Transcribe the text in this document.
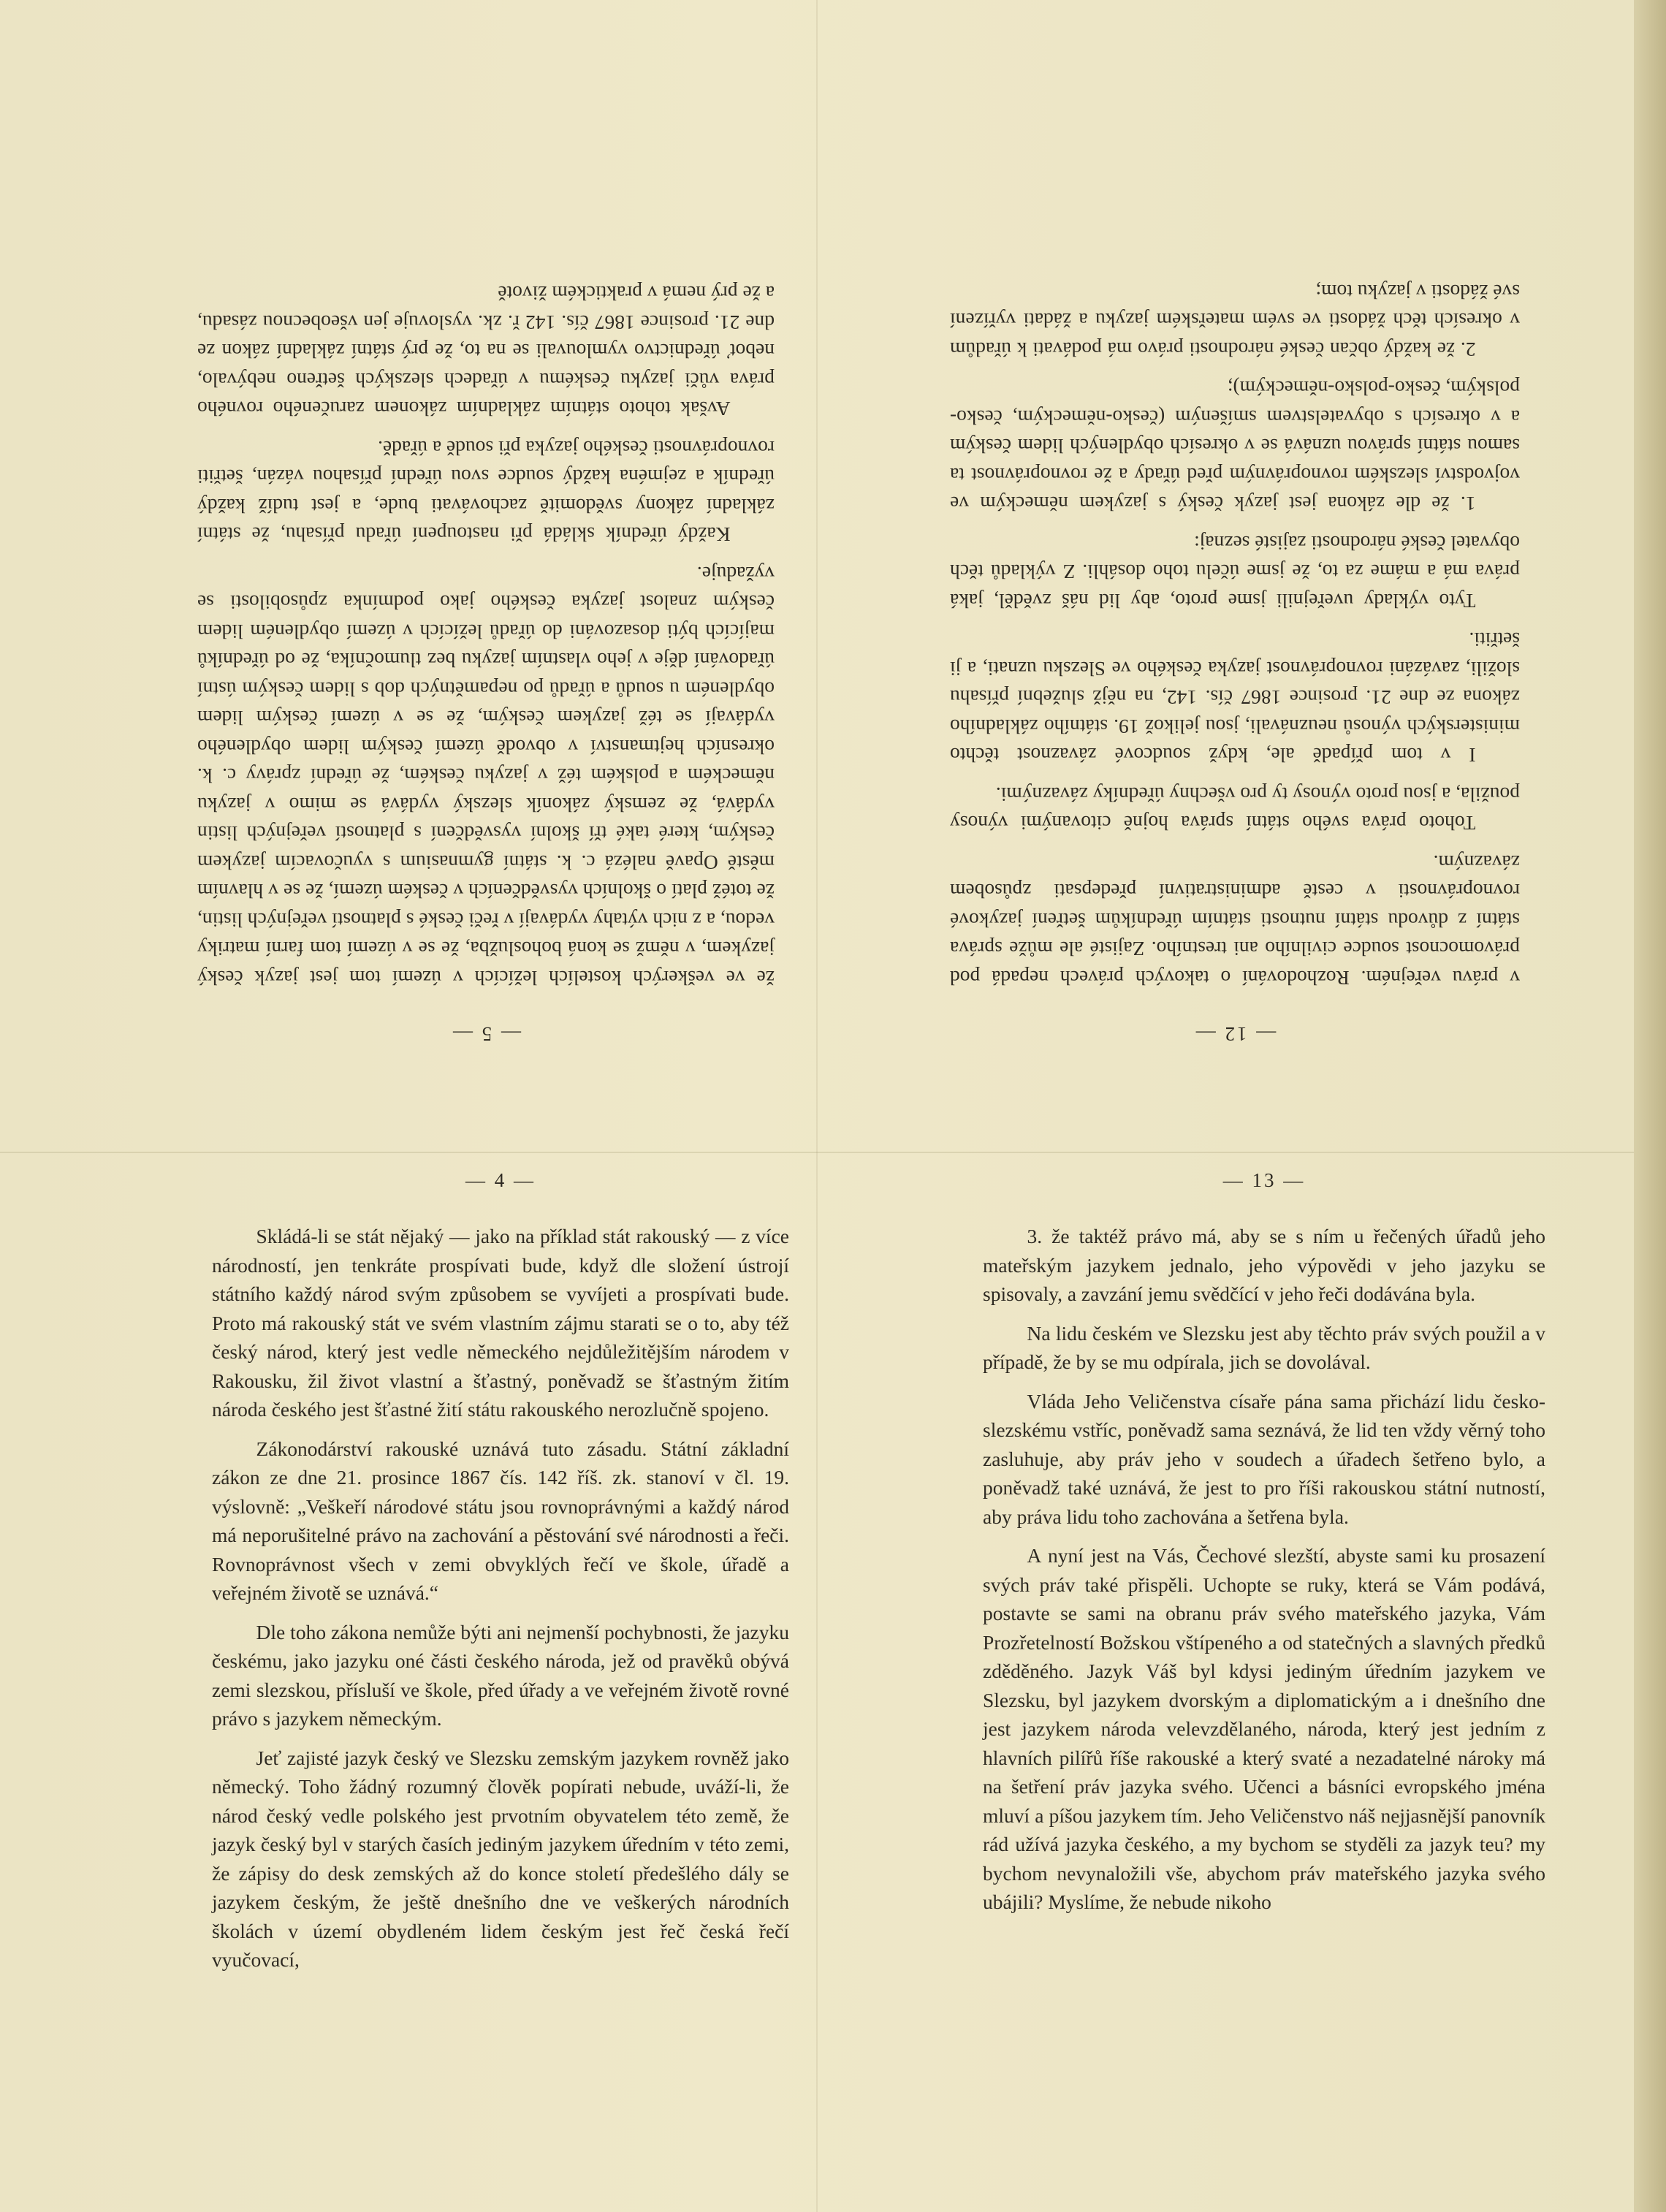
— 5 —

že ve veškerých kostelích ležících v území tom jest jazyk český jazykem, v němž se koná bohoslužba, že se v území tom farní matriky vedou, a z nich výtahy vydávají v řeči české s platností veřejných listin, že totéž platí o školních vysvědčeních v českém území, že se v hlavním městě Opavě nalézá c. k. státní gymnasium s vyučovacím jazykem českým, které také tří školní vysvědčení s platností veřejných listin vydává, že zemský zákoník slezský vydává se mimo v jazyku německém a polském též v jazyku českém, že úřední zprávy c. k. okresních hejtmanství v obvodě území českým lidem obydleného vydávají se též jazykem českým, že se v území českým lidem obydleném u soudů a úřadů po nepamětných dob s lidem českým ústní úřadování děje v jeho vlastním jazyku bez tlumočníka, že od úředníků majících býti dosazováni do úřadů ležících v území obydleném lidem českým znalost jazyka českého jako podmínka způsobilosti se vyžaduje.

Každý úředník skládá při nastoupení úřadu přísahu, že státní základní zákony svědomitě zachovávati bude, a jest tudíž každý úředník a zejména každý soudce svou úřední přísahou vázán, šetřiti rovnoprávnosti českého jazyka při soudě a úřadě.

Avšak tohoto státním základním zákonem zaručeného rovného práva vůči jazyku českému v úřadech slezských šetřeno nebývalo, neboť úřednictvo vymlouvali se na to, že prý státní základní zákon ze dne 21. prosince 1867 čís. 142 ř. zk. vyslovuje jen všeobecnou zásadu, a že prý nemá v praktickém životě

— 12 —

v právu veřejném. Rozhodování o takových právech nepadá pod právomocnost soudce civilního ani trestního. Zajisté ale může správa státní z důvodu státní nutnosti státním úředníkům šetření jazykové rovnoprávnosti v cestě administrativní předepsati způsobem závazným.

Tohoto práva svého státní správa hojně citovanými výnosy použila, a jsou proto výnosy ty pro všechny úředníky závaznými.

I v tom případě ale, když soudcové závaznost těchto ministerských výnosů neuznávali, jsou jelikož 19. státního základního zákona ze dne 21. prosince 1867 čís. 142, na nějž služební přísahu složili, zavázáni rovnoprávnost jazyka českého ve Slezsku uznati, a ji šetřiti.

Tyto výklady uveřejnili jsme proto, aby lid náš zvěděl, jaká práva má a máme za to, že jsme účelu toho dosáhli. Z výkladů těch obyvatel české národnosti zajisté seznaj:

1. že dle zákona jest jazyk český s jazykem německým ve vojvodství slezském rovnoprávným před úřady a že rovnoprávnost ta samou státní správou uznává se v okresích obydlených lidem českým a v okresích s obyvatelstvem smíšeným (česko-německým, česko-polským, česko-polsko-německým);

2. že každý občan české národnosti právo má podávati k úřadům v okresích těch žádosti ve svém mateřském jazyku a žádati vyřízení své žádosti v jazyku tom;

— 4 —

Skládá-li se stát nějaký — jako na příklad stát rakouský — z více národností, jen tenkráte prospívati bude, když dle složení ústrojí státního každý národ svým způsobem se vyvíjeti a prospívati bude. Proto má rakouský stát ve svém vlastním zájmu starati se o to, aby též český národ, který jest vedle německého nejdůležitějším národem v Rakousku, žil život vlastní a šťastný, poněvadž se šťastným žitím národa českého jest šťastné žití státu rakouského nerozlučně spojeno.

Zákonodárství rakouské uznává tuto zásadu. Státní základní zákon ze dne 21. prosince 1867 čís. 142 říš. zk. stanoví v čl. 19. výslovně: „Veškeří národové státu jsou rovnoprávnými a každý národ má neporušitelné právo na zachování a pěstování své národnosti a řeči. Rovnoprávnost všech v zemi obvyklých řečí ve škole, úřadě a veřejném životě se uznává.“

Dle toho zákona nemůže býti ani nejmenší pochybnosti, že jazyku českému, jako jazyku oné části českého národa, jež od pravěků obývá zemi slezskou, přísluší ve škole, před úřady a ve veřejném životě rovné právo s jazykem německým.

Jeť zajisté jazyk český ve Slezsku zemským jazykem rovněž jako německý. Toho žádný rozumný člověk popírati nebude, uváží-li, že národ český vedle polského jest prvotním obyvatelem této země, že jazyk český byl v starých časích jediným jazykem úředním v této zemi, že zápisy do desk zemských až do konce století předešlého dály se jazykem českým, že ještě dnešního dne ve veškerých národních školách v území obydleném lidem českým jest řeč česká řečí vyučovací,

— 13 —

3. že taktéž právo má, aby se s ním u řečených úřadů jeho mateřským jazykem jednalo, jeho výpovědi v jeho jazyku se spisovaly, a zavzání jemu svědčící v jeho řeči dodávána byla.

Na lidu českém ve Slezsku jest aby těchto práv svých použil a v případě, že by se mu odpírala, jich se dovolával.

Vláda Jeho Veličenstva císaře pána sama přichází lidu česko-slezskému vstříc, poněvadž sama seznává, že lid ten vždy věrný toho zasluhuje, aby práv jeho v soudech a úřadech šetřeno bylo, a poněvadž také uznává, že jest to pro říši rakouskou státní nutností, aby práva lidu toho zachována a šetřena byla.

A nyní jest na Vás, Čechové slezští, abyste sami ku prosazení svých práv také přispěli. Uchopte se ruky, která se Vám podává, postavte se sami na obranu práv svého mateřského jazyka, Vám Prozřetelností Božskou vštípeného a od statečných a slavných předků zděděného. Jazyk Váš byl kdysi jediným úředním jazykem ve Slezsku, byl jazykem dvorským a diplomatickým a i dnešního dne jest jazykem národa velevzdělaného, národa, který jest jedním z hlavních pilířů říše rakouské a který svaté a nezadatelné nároky má na šetření práv jazyka svého. Učenci a básníci evropského jména mluví a píšou jazykem tím. Jeho Veličenstvo náš nejjasnější panovník rád užívá jazyka českého, a my bychom se styděli za jazyk teu? my bychom nevynaložili vše, abychom práv mateřského jazyka svého ubájili? Myslíme, že nebude nikoho
